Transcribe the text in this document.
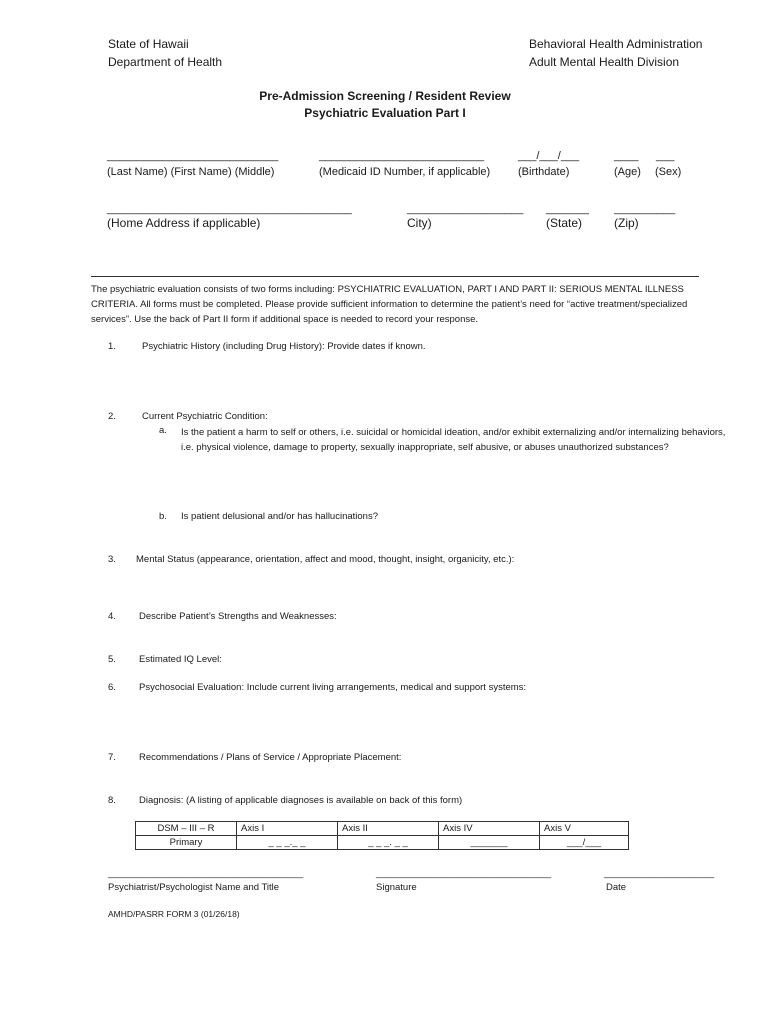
State of Hawaii
Department of Health
Behavioral Health Administration
Adult Mental Health Division
Pre-Admission Screening / Resident Review
Psychiatric Evaluation Part I
____________________________
(Last Name) (First Name) (Middle)
___________________________
(Medicaid ID Number, if applicable)
___/___/___
(Birthdate)
____
(Age)
___
(Sex)
________________________________________
(Home Address if applicable)
___________________
City)
_______
(State)
__________
(Zip)
The psychiatric evaluation consists of two forms including: PSYCHIATRIC EVALUATION, PART I AND PART II: SERIOUS MENTAL ILLNESS CRITERIA. All forms must be completed. Please provide sufficient information to determine the patient’s need for “active treatment/specialized services”. Use the back of Part II form if additional space is needed to record your response.
1.	Psychiatric History (including Drug History): Provide dates if known.
2.	Current Psychiatric Condition:
a. Is the patient a harm to self or others, i.e. suicidal or homicidal ideation, and/or exhibit externalizing and/or internalizing behaviors, i.e. physical violence, damage to property, sexually inappropriate, self abusive, or abuses unauthorized substances?
b. Is patient delusional and/or has hallucinations?
3. Mental Status (appearance, orientation, affect and mood, thought, insight, organicity, etc.):
4. Describe Patient’s Strengths and Weaknesses:
5. Estimated IQ Level:
6. Psychosocial Evaluation: Include current living arrangements, medical and support systems:
7. Recommendations / Plans of Service / Appropriate Placement:
8. Diagnosis: (A listing of applicable diagnoses is available on back of this form)
DSM – III – R	Axis I	Axis II	Axis IV	Axis V
Primary	_ _ _._ _	_ _ _. _ _	_______	___/___
_______________________________________
Psychiatrist/Psychologist Name and Title
___________________________________
Signature
______________________
Date
AMHD/PASRR FORM 3 (01/26/18)
